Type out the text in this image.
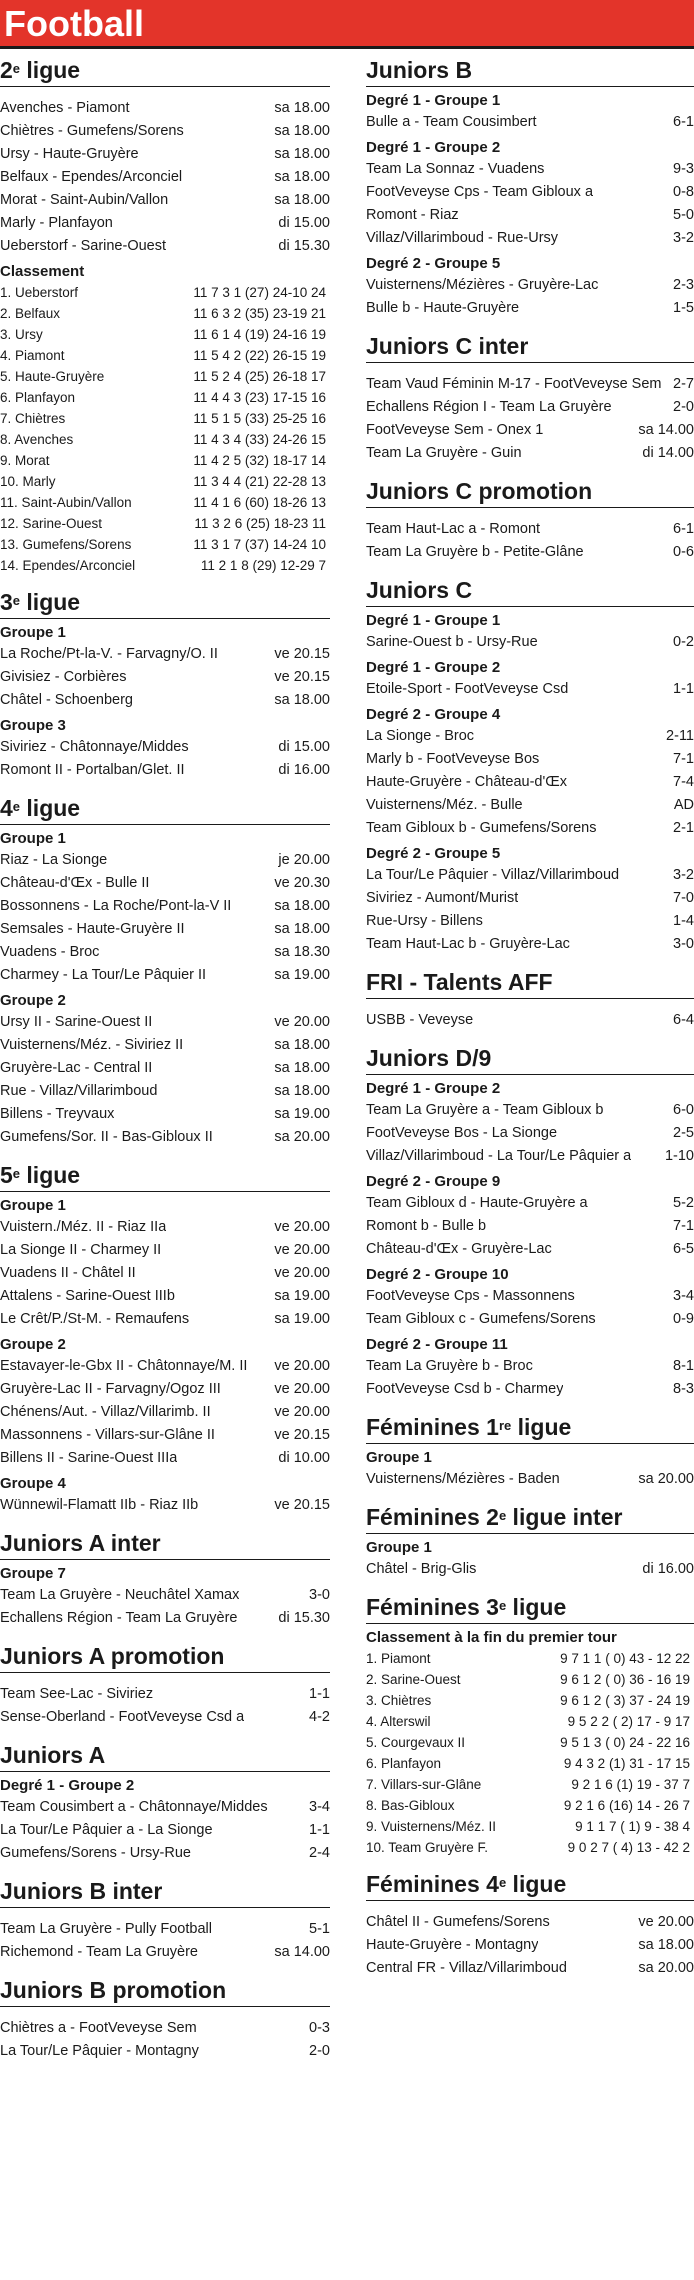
Football
2e ligue
Avenches - Piamont	sa 18.00
Chiètres - Gumefens/Sorens	sa 18.00
Ursy - Haute-Gruyère	sa 18.00
Belfaux - Ependes/Arconciel	sa 18.00
Morat - Saint-Aubin/Vallon	sa 18.00
Marly - Planfayon	di 15.00
Ueberstorf - Sarine-Ouest	di 15.30
Classement
1. Ueberstorf	11 7 3 1 (27) 24-10 24
2. Belfaux	11 6 3 2 (35) 23-19 21
3. Ursy	11 6 1 4 (19) 24-16 19
4. Piamont	11 5 4 2 (22) 26-15 19
5. Haute-Gruyère	11 5 2 4 (25) 26-18 17
6. Planfayon	11 4 4 3 (23) 17-15 16
7. Chiètres	11 5 1 5 (33) 25-25 16
8. Avenches	11 4 3 4 (33) 24-26 15
9. Morat	11 4 2 5 (32) 18-17 14
10. Marly	11 3 4 4 (21) 22-28 13
11. Saint-Aubin/Vallon	11 4 1 6 (60) 18-26 13
12. Sarine-Ouest	11 3 2 6 (25) 18-23 11
13. Gumefens/Sorens	11 3 1 7 (37) 14-24 10
14. Ependes/Arconciel	11 2 1 8 (29) 12-29 7
3e ligue
Groupe 1
La Roche/Pt-la-V. - Farvagny/O. II	ve 20.15
Givisiez - Corbières	ve 20.15
Châtel - Schoenberg	sa 18.00
Groupe 3
Siviriez - Châtonnaye/Middes	di 15.00
Romont II - Portalban/Glet. II	di 16.00
4e ligue
Groupe 1
Riaz - La Sionge	je 20.00
Château-d'Œx - Bulle II	ve 20.30
Bossonnens - La Roche/Pont-la-V II	sa 18.00
Semsales - Haute-Gruyère II	sa 18.00
Vuadens - Broc	sa 18.30
Charmey - La Tour/Le Pâquier II	sa 19.00
Groupe 2
Ursy II - Sarine-Ouest II	ve 20.00
Vuisternens/Méz. - Siviriez II	sa 18.00
Gruyère-Lac - Central II	sa 18.00
Rue - Villaz/Villarimboud	sa 18.00
Billens - Treyvaux	sa 19.00
Gumefens/Sor. II - Bas-Gibloux II	sa 20.00
5e ligue
Groupe 1
Vuistern./Méz. II - Riaz IIa	ve 20.00
La Sionge II - Charmey II	ve 20.00
Vuadens II - Châtel II	ve 20.00
Attalens - Sarine-Ouest IIIb	sa 19.00
Le Crêt/P./St-M. - Remaufens	sa 19.00
Groupe 2
Estavayer-le-Gbx II - Châtonnaye/M. II	ve 20.00
Gruyère-Lac II - Farvagny/Ogoz III	ve 20.00
Chénens/Aut. - Villaz/Villarimb. II	ve 20.00
Massonnens - Villars-sur-Glâne II	ve 20.15
Billens II - Sarine-Ouest IIIa	di 10.00
Groupe 4
Wünnewil-Flamatt IIb - Riaz IIb	ve 20.15
Juniors A inter
Groupe 7
Team La Gruyère - Neuchâtel Xamax	3-0
Echallens Région - Team La Gruyère	di 15.30
Juniors A promotion
Team See-Lac - Siviriez	1-1
Sense-Oberland - FootVeveyse Csd a	4-2
Juniors A
Degré 1 - Groupe 2
Team Cousimbert a - Châtonnaye/Middes	3-4
La Tour/Le Pâquier a - La Sionge	1-1
Gumefens/Sorens - Ursy-Rue	2-4
Juniors B inter
Team La Gruyère - Pully Football	5-1
Richemond - Team La Gruyère	sa 14.00
Juniors B promotion
Chiètres a - FootVeveyse Sem	0-3
La Tour/Le Pâquier - Montagny	2-0
Juniors B
Degré 1 - Groupe 1
Bulle a - Team Cousimbert	6-1
Degré 1 - Groupe 2
Team La Sonnaz - Vuadens	9-3
FootVeveyse Cps - Team Gibloux a	0-8
Romont - Riaz	5-0
Villaz/Villarimboud - Rue-Ursy	3-2
Degré 2 - Groupe 5
Vuisternens/Mézières - Gruyère-Lac	2-3
Bulle b - Haute-Gruyère	1-5
Juniors C inter
Team Vaud Féminin M-17 - FootVeveyse Sem 2-7
Echallens Région I - Team La Gruyère	2-0
FootVeveyse Sem - Onex 1	sa 14.00
Team La Gruyère - Guin	di 14.00
Juniors C promotion
Team Haut-Lac a - Romont	6-1
Team La Gruyère b - Petite-Glâne	0-6
Juniors C
Degré 1 - Groupe 1
Sarine-Ouest b - Ursy-Rue	0-2
Degré 1 - Groupe 2
Etoile-Sport - FootVeveyse Csd	1-1
Degré 2 - Groupe 4
La Sionge - Broc	2-11
Marly b - FootVeveyse Bos	7-1
Haute-Gruyère - Château-d'Œx	7-4
Vuisternens/Méz. - Bulle	AD
Team Gibloux b - Gumefens/Sorens	2-1
Degré 2 - Groupe 5
La Tour/Le Pâquier - Villaz/Villarimboud	3-2
Siviriez - Aumont/Murist	7-0
Rue-Ursy - Billens	1-4
Team Haut-Lac b - Gruyère-Lac	3-0
FRI - Talents AFF
USBB - Veveyse	6-4
Juniors D/9
Degré 1 - Groupe 2
Team La Gruyère a - Team Gibloux b	6-0
FootVeveyse Bos - La Sionge	2-5
Villaz/Villarimboud - La Tour/Le Pâquier a	1-10
Degré 2 - Groupe 9
Team Gibloux d - Haute-Gruyère a	5-2
Romont b - Bulle b	7-1
Château-d'Œx - Gruyère-Lac	6-5
Degré 2 - Groupe 10
FootVeveyse Cps - Massonnens	3-4
Team Gibloux c - Gumefens/Sorens	0-9
Degré 2 - Groupe 11
Team La Gruyère b - Broc	8-1
FootVeveyse Csd b - Charmey	8-3
Féminines 1re ligue
Groupe 1
Vuisternens/Mézières - Baden	sa 20.00
Féminines 2e ligue inter
Groupe 1
Châtel - Brig-Glis	di 16.00
Féminines 3e ligue
Classement à la fin du premier tour
1. Piamont	9 7 1 1 ( 0) 43 - 12 22
2. Sarine-Ouest	9 6 1 2 ( 0) 36 - 16 19
3. Chiètres	9 6 1 2 ( 3) 37 - 24 19
4. Alterswil	9 5 2 2 ( 2) 17 - 9 17
5. Courgevaux II	9 5 1 3 ( 0) 24 - 22 16
6. Planfayon	9 4 3 2 (1) 31 - 17 15
7. Villars-sur-Glâne	9 2 1 6 (1) 19 - 37 7
8. Bas-Gibloux	9 2 1 6 (16) 14 - 26 7
9. Vuisternens/Méz. II	9 1 1 7 ( 1) 9 - 38 4
10. Team Gruyère F.	9 0 2 7 ( 4) 13 - 42 2
Féminines 4e ligue
Châtel II - Gumefens/Sorens	ve 20.00
Haute-Gruyère - Montagny	sa 18.00
Central FR - Villaz/Villarimboud	sa 20.00
